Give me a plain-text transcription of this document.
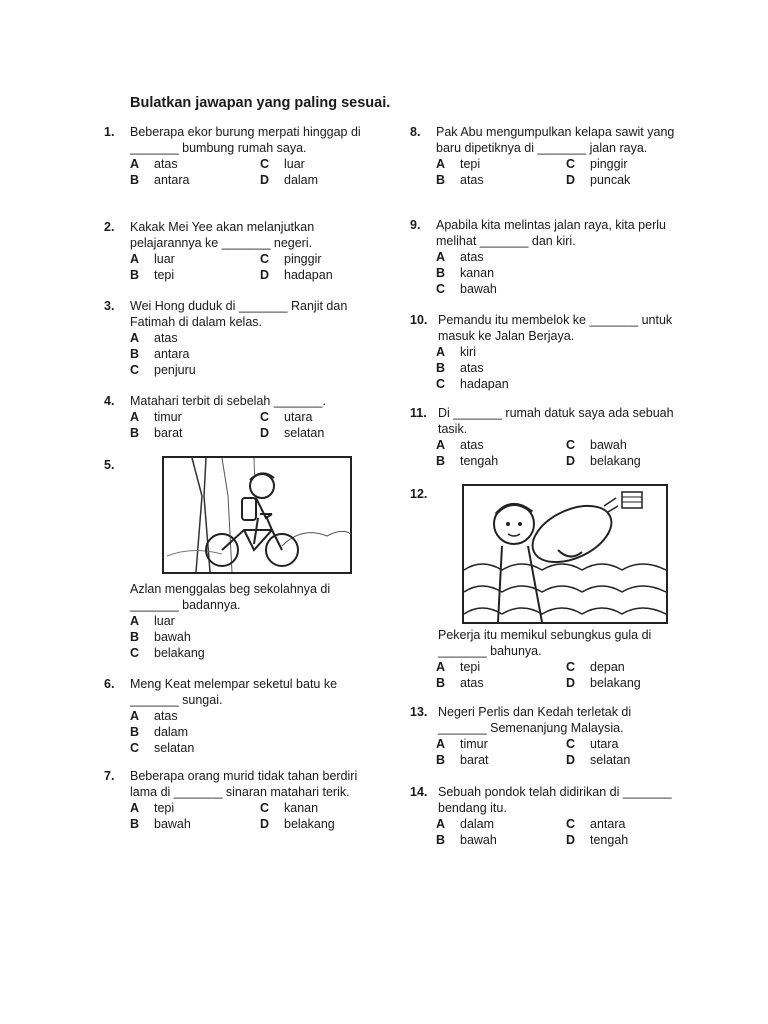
Bulatkan jawapan yang paling sesuai.
1.	Beberapa ekor burung merpati hinggap di _______ bumbung rumah saya.
A	atas	C	luar
B	antara	D	dalam
2.	Kakak Mei Yee akan melanjutkan pelajarannya ke _______ negeri.
A	luar	C	pinggir
B	tepi	D	hadapan
3.	Wei Hong duduk di _______ Ranjit dan Fatimah di dalam kelas.
A	atas
B	antara
C	penjuru
4.	Matahari terbit di sebelah _______.
A	timur	C	utara
B	barat	D	selatan
5.
Azlan menggalas beg sekolahnya di _______ badannya.
A	luar
B	bawah
C	belakang
6.	Meng Keat melempar seketul batu ke _______ sungai.
A	atas
B	dalam
C	selatan
7.	Beberapa orang murid tidak tahan berdiri lama di _______ sinaran matahari terik.
A	tepi	C	kanan
B	bawah	D	belakang
8.	Pak Abu mengumpulkan kelapa sawit yang baru dipetiknya di _______ jalan raya.
A	tepi	C	pinggir
B	atas	D	puncak
9.	Apabila kita melintas jalan raya, kita perlu melihat _______ dan kiri.
A	atas
B	kanan
C	bawah
10. Pemandu itu membelok ke _______ untuk masuk ke Jalan Berjaya.
A	kiri
B	atas
C	hadapan
11. Di _______ rumah datuk saya ada sebuah tasik.
A	atas	C	bawah
B	tengah	D	belakang
12.
Pekerja itu memikul sebungkus gula di _______ bahunya.
A	tepi	C	depan
B	atas	D	belakang
13. Negeri Perlis dan Kedah terletak di _______ Semenanjung Malaysia.
A	timur	C	utara
B	barat	D	selatan
14. Sebuah pondok telah didirikan di _______ bendang itu.
A	dalam	C	antara
B	bawah	D	tengah
